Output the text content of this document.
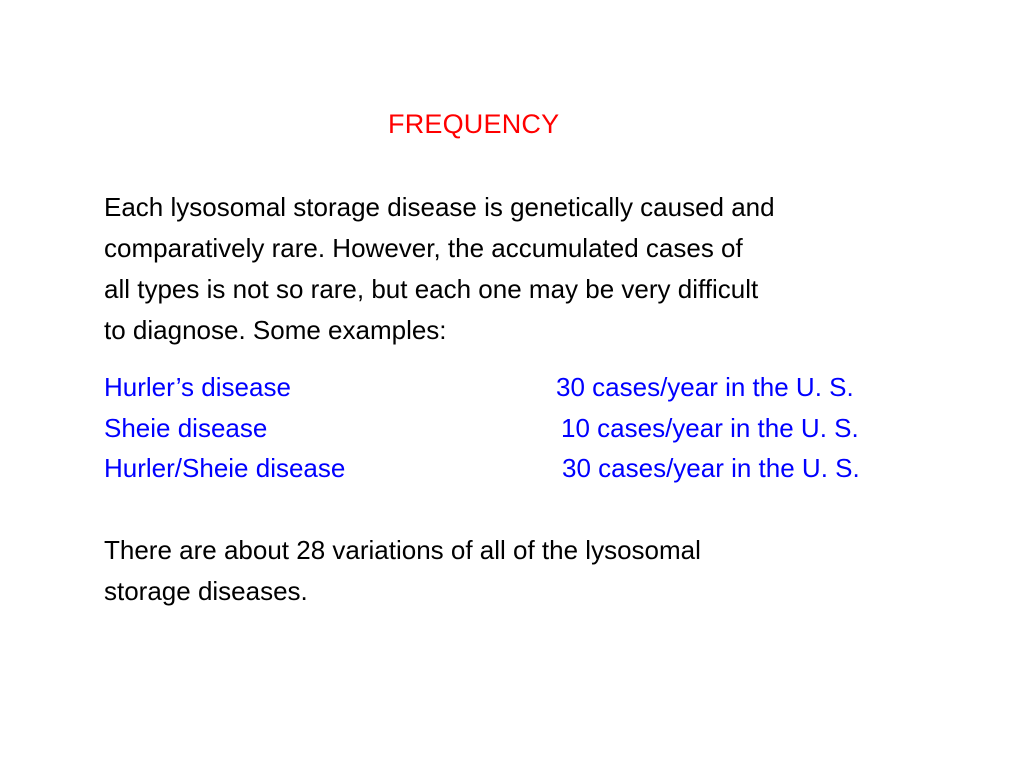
FREQUENCY
Each lysosomal storage disease is genetically caused and
comparatively rare. However, the accumulated cases of
all types is not so rare, but each one may be very difficult
to diagnose. Some examples:
Hurler’s disease	30 cases/year in the U. S.
Sheie disease	10 cases/year in the U. S.
Hurler/Sheie disease	30 cases/year in the U. S.
There are about 28 variations of all of the lysosomal
storage diseases.
